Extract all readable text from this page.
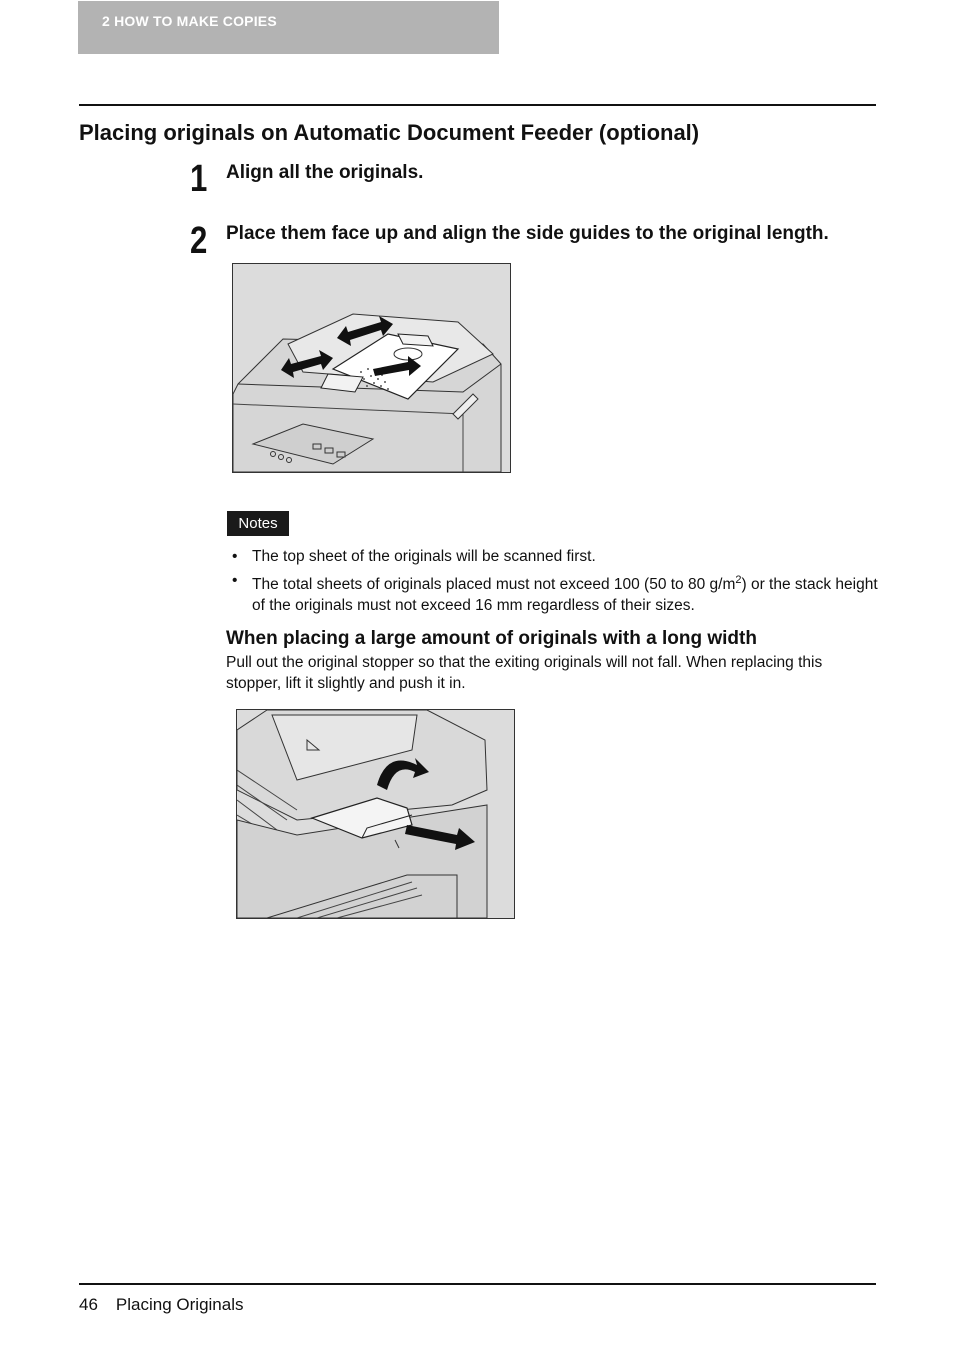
2 HOW TO MAKE COPIES
Placing originals on Automatic Document Feeder (optional)
1 Align all the originals.
2 Place them face up and align the side guides to the original length.
Notes
• The top sheet of the originals will be scanned first.
• The total sheets of originals placed must not exceed 100 (50 to 80 $g/m^2$) or the stack height of the originals must not exceed 16 mm regardless of their sizes.
When placing a large amount of originals with a long width

Pull out the original stopper so that the exiting originals will not fall. When replacing this stopper, lift it slightly and push it in.

46 Placing Originals
